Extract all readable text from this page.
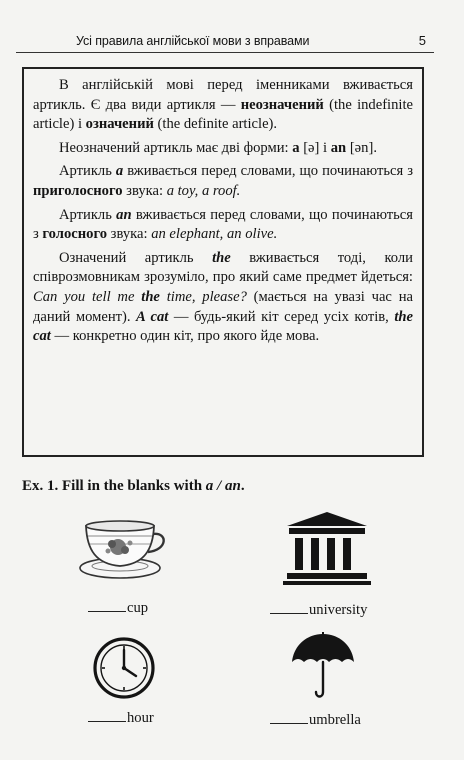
Усі правила англійської мови з вправами	5

В англійській мові перед іменниками вживається артикль. Є два види артикля — неозначений (the indefinite article) і означений (the definite article).

Неозначений артикль має дві форми: a [ə] і an [ən].

Артикль a вживається перед словами, що починаються з приголосного звука: a toy, a roof.

Артикль an вживається перед словами, що починаються з голосного звука: an elephant, an olive.

Означений артикль the вживається тоді, коли співрозмовникам зрозуміло, про який саме предмет йдеться: Can you tell me the time, please? (мається на увазі час на даний момент). A cat — будь-який кіт серед усіх котів, the cat — конкретно один кіт, про якого йде мова.

Ex. 1. Fill in the blanks with a / an.
cup	university
hour	umbrella
